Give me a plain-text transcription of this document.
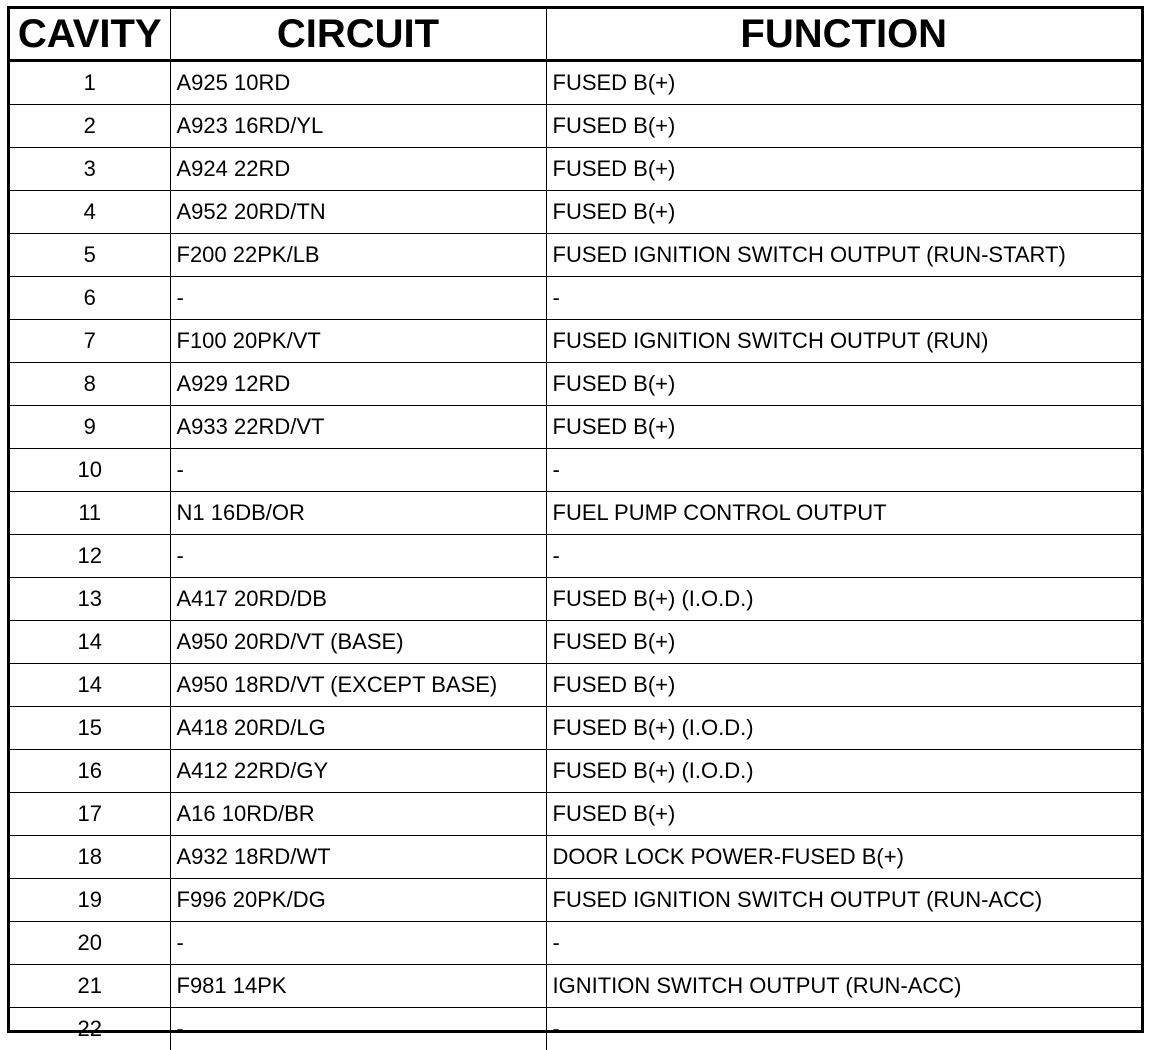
CAVITY	CIRCUIT	FUNCTION
1	A925 10RD	FUSED B(+)
2	A923 16RD/YL	FUSED B(+)
3	A924 22RD	FUSED B(+)
4	A952 20RD/TN	FUSED B(+)
5	F200 22PK/LB	FUSED IGNITION SWITCH OUTPUT (RUN-START)
6	-	-
7	F100 20PK/VT	FUSED IGNITION SWITCH OUTPUT (RUN)
8	A929 12RD	FUSED B(+)
9	A933 22RD/VT	FUSED B(+)
10	-	-
11	N1 16DB/OR	FUEL PUMP CONTROL OUTPUT
12	-	-
13	A417 20RD/DB	FUSED B(+) (I.O.D.)
14	A950 20RD/VT (BASE)	FUSED B(+)
14	A950 18RD/VT (EXCEPT BASE)	FUSED B(+)
15	A418 20RD/LG	FUSED B(+) (I.O.D.)
16	A412 22RD/GY	FUSED B(+) (I.O.D.)
17	A16 10RD/BR	FUSED B(+)
18	A932 18RD/WT	DOOR LOCK POWER-FUSED B(+)
19	F996 20PK/DG	FUSED IGNITION SWITCH OUTPUT (RUN-ACC)
20	-	-
21	F981 14PK	IGNITION SWITCH OUTPUT (RUN-ACC)
22	-	-
